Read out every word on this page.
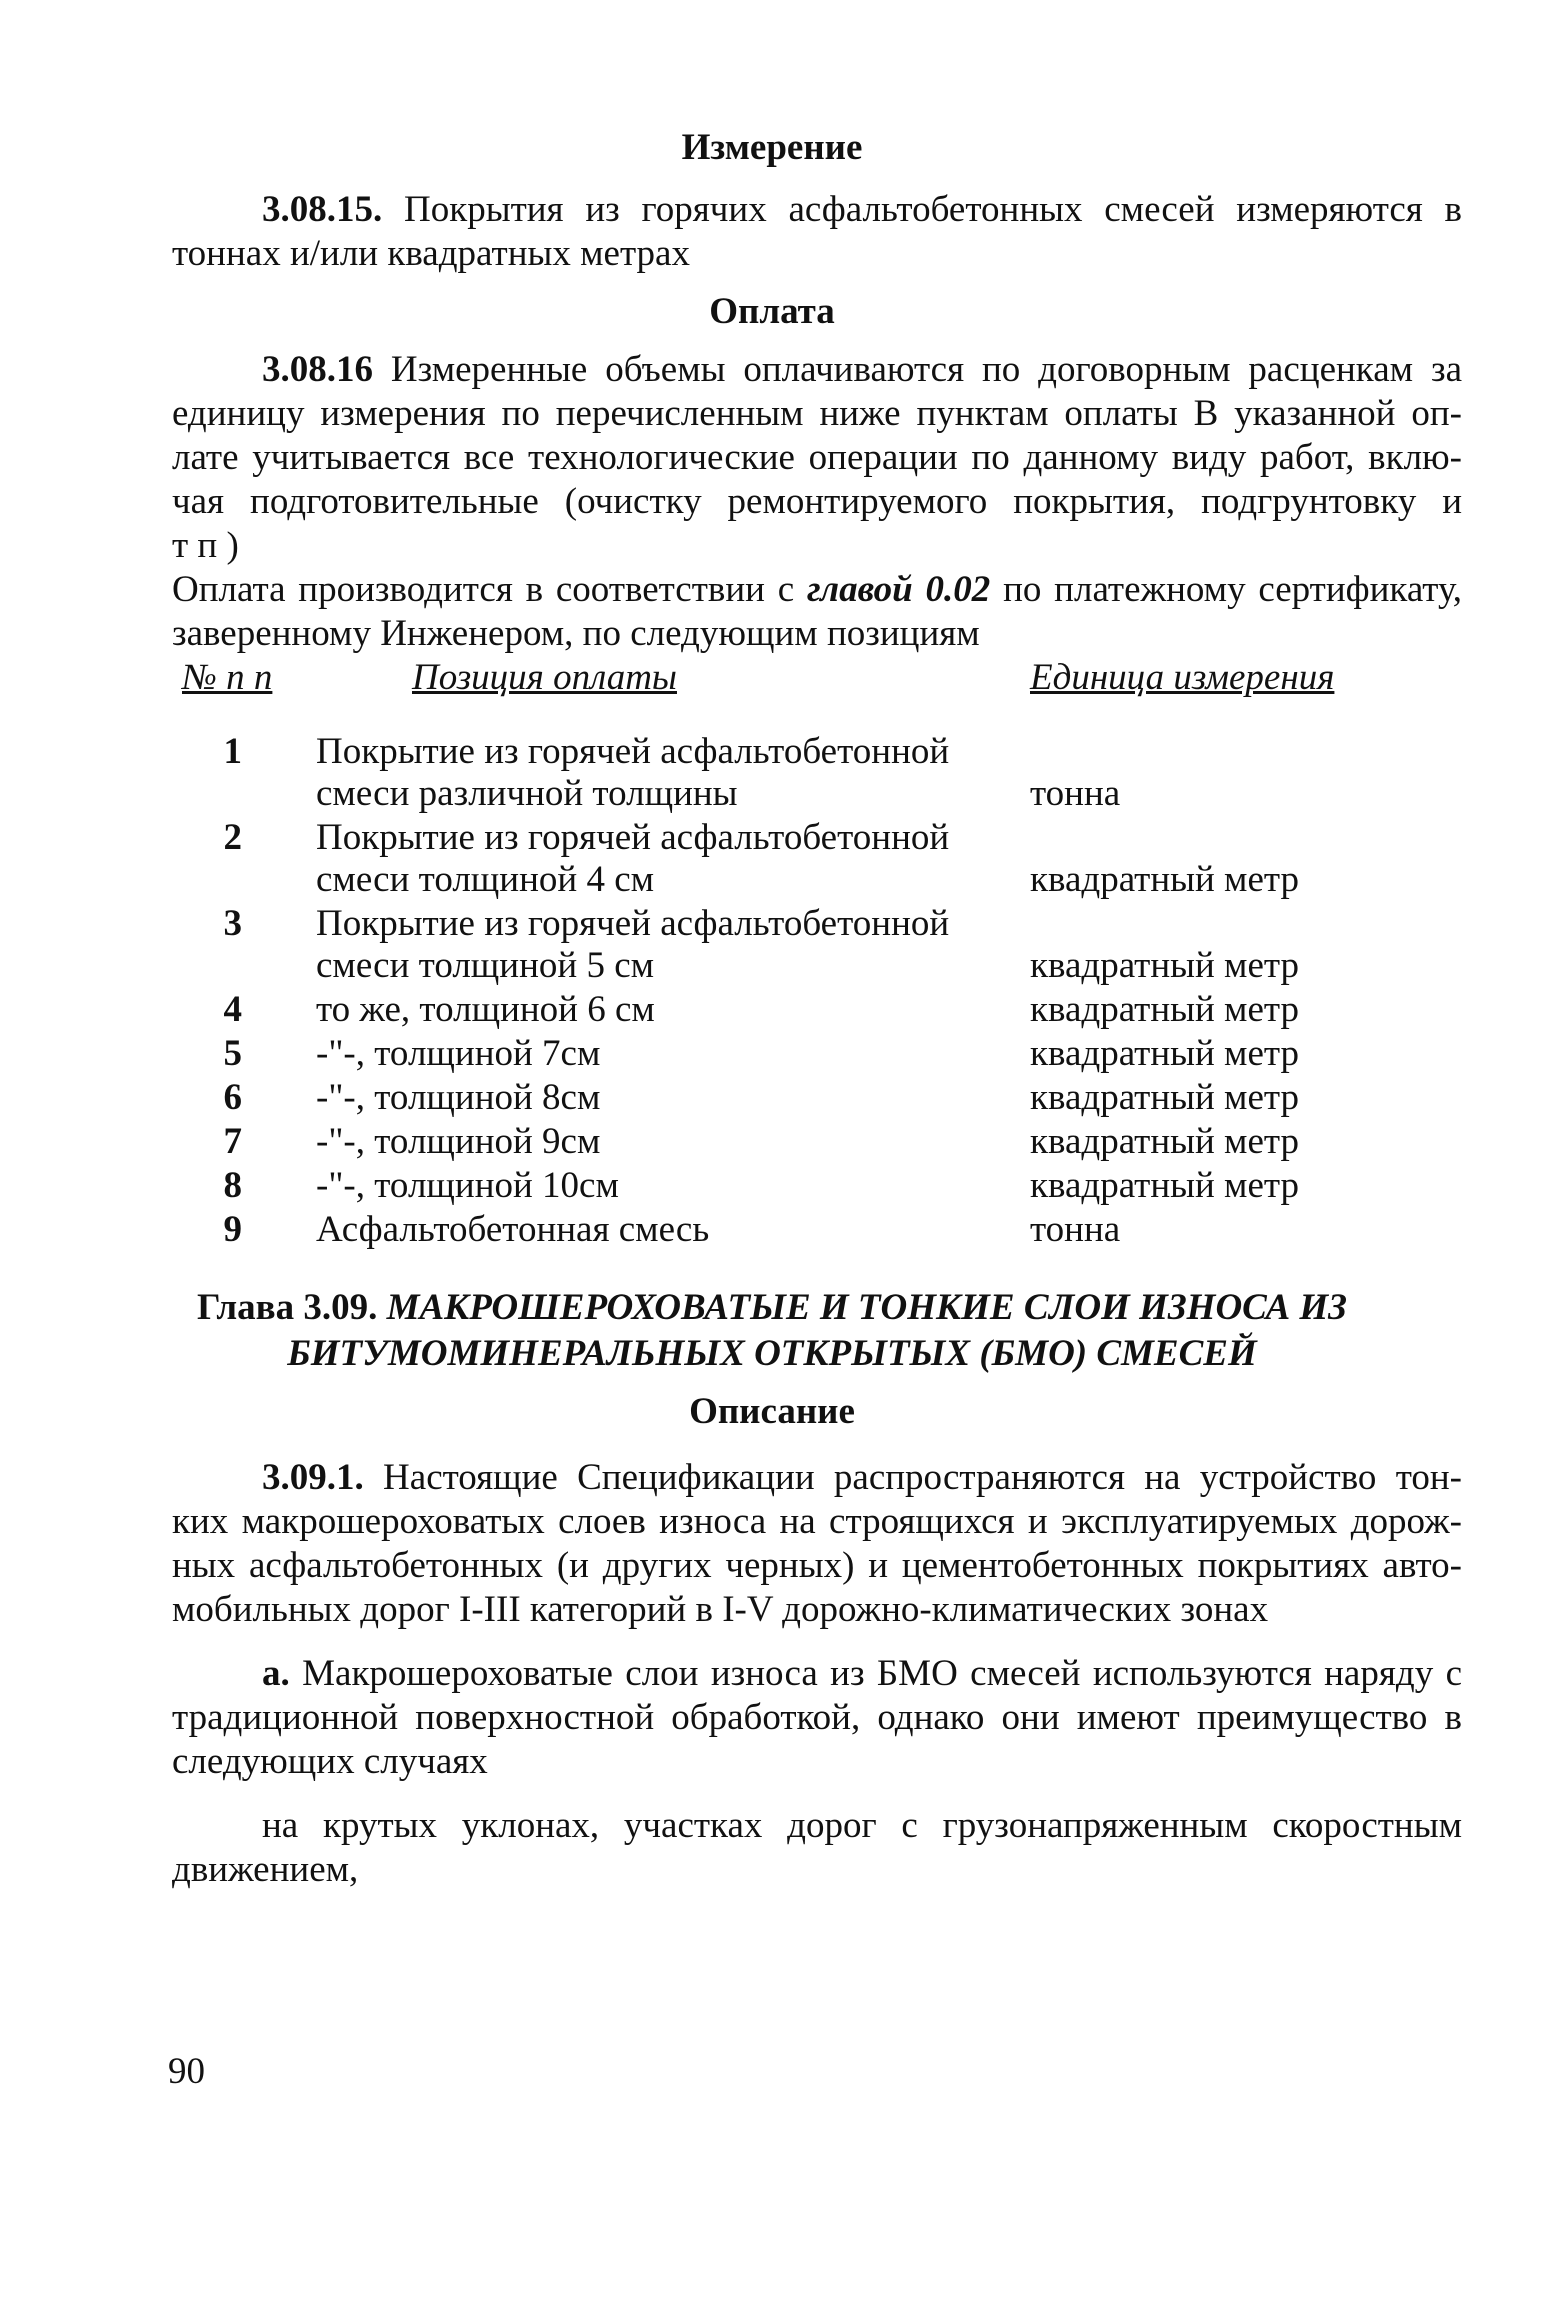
Измерение
3.08.15. Покрытия из горячих асфальтобетонных смесей измеряются в
тоннах и/или квадратных метрах
Оплата
3.08.16 Измеренные объемы оплачиваются по договорным расценкам за
единицу измерения по перечисленным ниже пунктам оплаты В указанной оп-
лате учитывается все технологические операции по данному виду работ, вклю-
чая подготовительные (очистку ремонтируемого покрытия, подгрунтовку и
т п )
Оплата производится в соответствии с главой 0.02 по платежному сертификату,
заверенному Инженером, по следующим позициям
№ п п	Позиция оплаты	Единица измерения
1 Покрытие из горячей асфальтобетонной
смеси различной толщины	тонна
2 Покрытие из горячей асфальтобетонной
смеси толщиной 4 см	квадратный метр
3 Покрытие из горячей асфальтобетонной
смеси толщиной 5 см	квадратный метр
4 то же, толщиной 6 см	квадратный метр
5 -"-, толщиной 7см	квадратный метр
6 -"-, толщиной 8см	квадратный метр
7 -"-, толщиной 9см	квадратный метр
8 -"-, толщиной 10см	квадратный метр
9 Асфальтобетонная смесь	тонна
Глава 3.09. МАКРОШЕРОХОВАТЫЕ И ТОНКИЕ СЛОИ ИЗНОСА ИЗ
БИТУМОМИНЕРАЛЬНЫХ ОТКРЫТЫХ (БМО) СМЕСЕЙ
Описание
3.09.1. Настоящие Спецификации распространяются на устройство тон-
ких макрошероховатых слоев износа на строящихся и эксплуатируемых дорож-
ных асфальтобетонных (и других черных) и цементобетонных покрытиях авто-
мобильных дорог I-III категорий в I-V дорожно-климатических зонах
а. Макрошероховатые слои износа из БМО смесей используются наряду с
традиционной поверхностной обработкой, однако они имеют преимущество в
следующих случаях
на крутых уклонах, участках дорог с грузонапряженным скоростным
движением,
90
